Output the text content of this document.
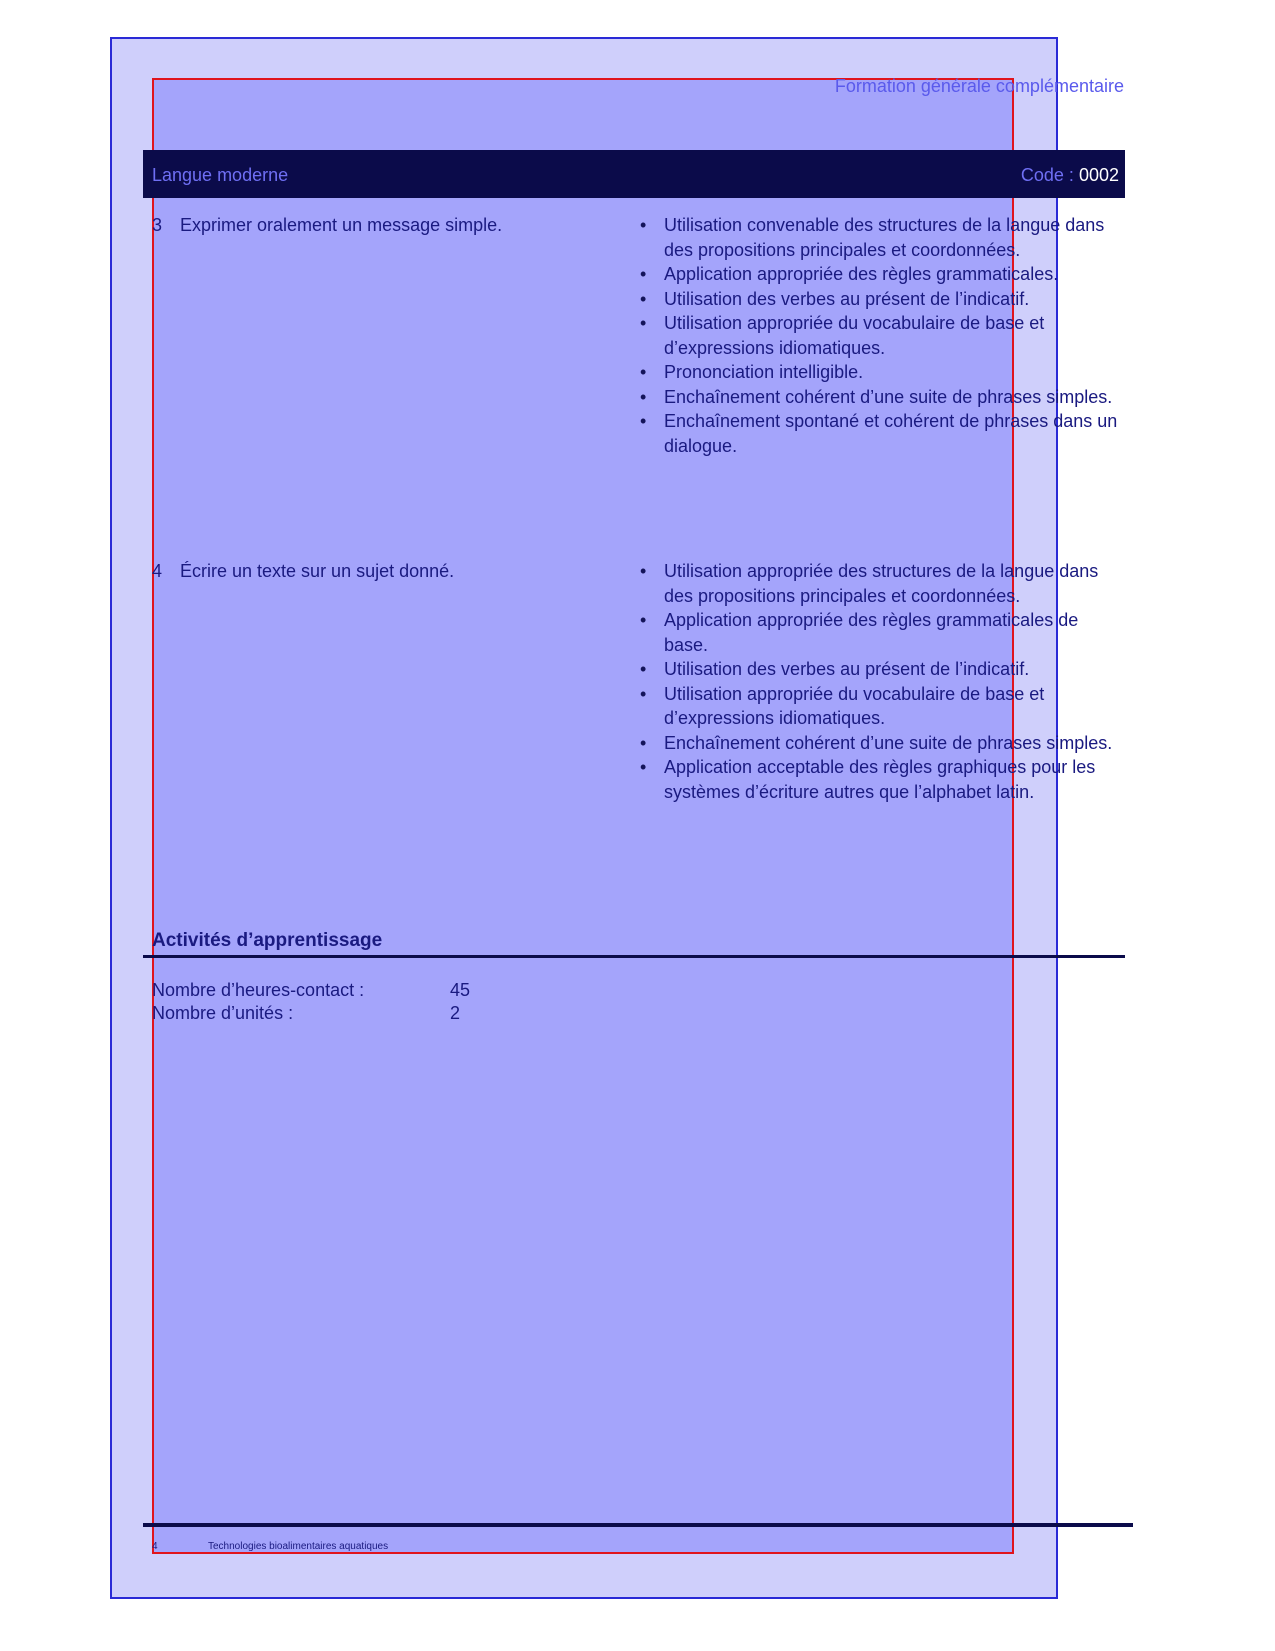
Formation générale complémentaire
Langue moderne	Code : 0002
3 Exprimer oralement un message simple.	• Utilisation convenable des structures de la langue dans des propositions principales et coordonnées.
• Application appropriée des règles grammaticales.
• Utilisation des verbes au présent de l’indicatif.
• Utilisation appropriée du vocabulaire de base et d’expressions idiomatiques.
• Prononciation intelligible.
• Enchaînement cohérent d’une suite de phrases simples.
• Enchaînement spontané et cohérent de phrases dans un dialogue.
4 Écrire un texte sur un sujet donné.	• Utilisation appropriée des structures de la langue dans des propositions principales et coordonnées.
• Application appropriée des règles grammaticales de base.
• Utilisation des verbes au présent de l’indicatif.
• Utilisation appropriée du vocabulaire de base et d’expressions idiomatiques.
• Enchaînement cohérent d’une suite de phrases simples.
• Application acceptable des règles graphiques pour les systèmes d’écriture autres que l’alphabet latin.
Activités d’apprentissage
Nombre d’heures-contact :	45
Nombre d’unités :	2
4	Technologies bioalimentaires aquatiques
